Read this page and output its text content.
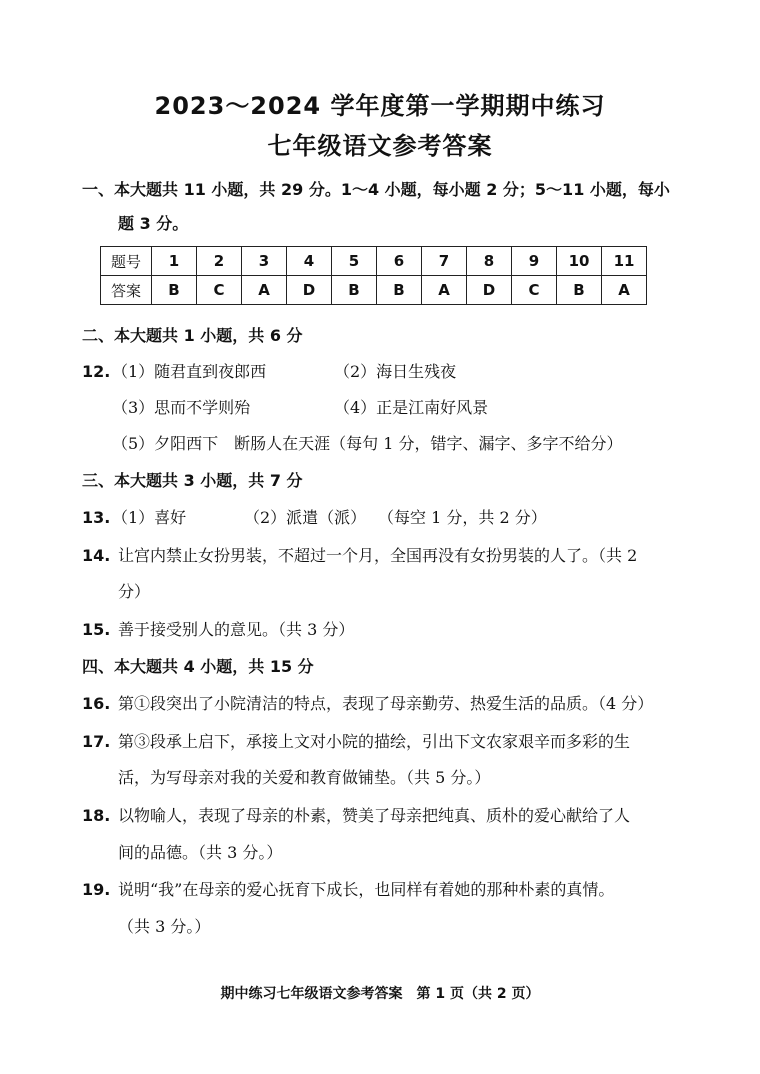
2023～2024 学年度第一学期期中练习
七年级语文参考答案
一、本大题共 11 小题，共 29 分。1～4 小题，每小题 2 分；5～11 小题，每小
题 3 分。
题号	1	2	3	4	5	6	7	8	9	10	11
答案	B	C	A	D	B	B	A	D	C	B	A
二、本大题共 1 小题，共 6 分
12. （1）随君直到夜郎西	（2）海日生残夜
（3）思而不学则殆	（4）正是江南好风景
（5）夕阳西下　断肠人在天涯（每句 1 分，错字、漏字、多字不给分）
三、本大题共 3 小题，共 7 分
13. （1）喜好	（2）派遣（派） （每空 1 分，共 2 分）
14. 让宫内禁止女扮男装，不超过一个月，全国再没有女扮男装的人了。（共 2
分）
15. 善于接受别人的意见。（共 3 分）
四、本大题共 4 小题，共 15 分
16. 第①段突出了小院清洁的特点，表现了母亲勤劳、热爱生活的品质。（4 分）
17. 第③段承上启下，承接上文对小院的描绘，引出下文农家艰辛而多彩的生
活，为写母亲对我的关爱和教育做铺垫。（共 5 分。）
18. 以物喻人，表现了母亲的朴素，赞美了母亲把纯真、质朴的爱心献给了人
间的品德。（共 3 分。）
19. 说明“我”在母亲的爱心抚育下成长，也同样有着她的那种朴素的真情。
（共 3 分。）
期中练习七年级语文参考答案　第 1 页（共 2 页）
